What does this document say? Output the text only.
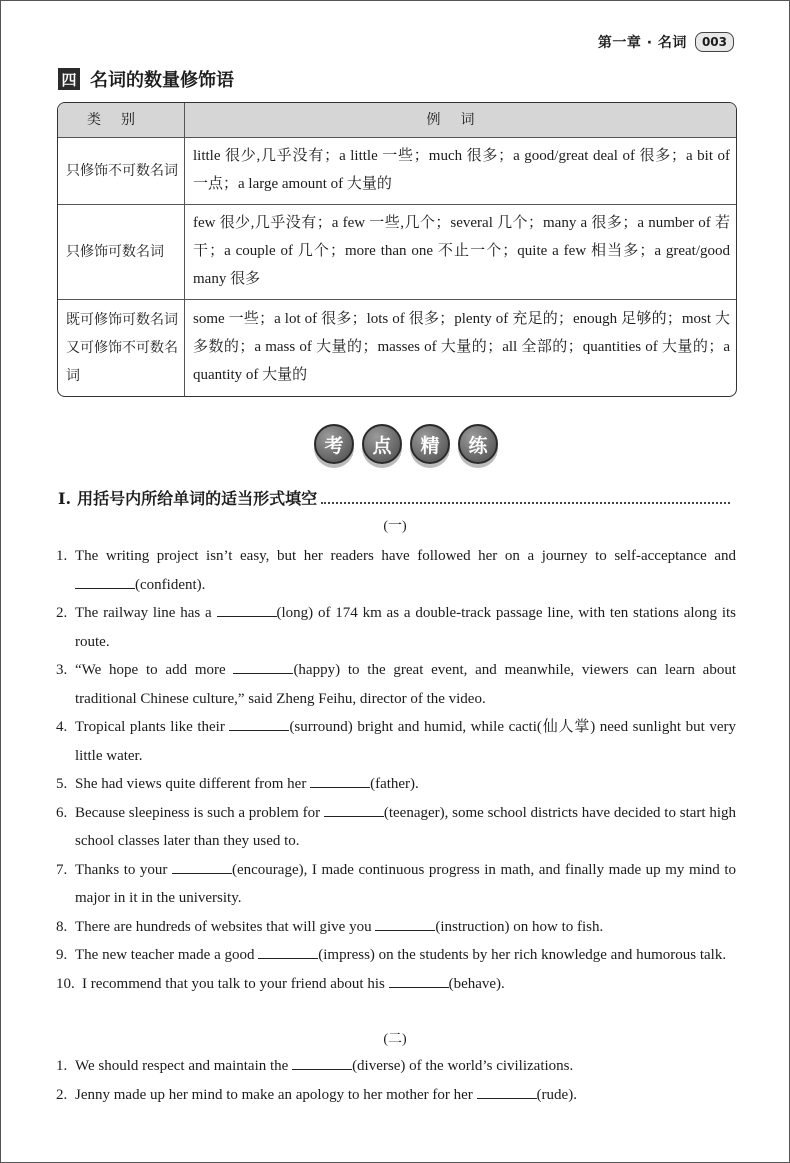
第一章 · 名词	003
四 名词的数量修饰语
类别	例词
只修饰不可数名词	little 很少,几乎没有；a little 一些；much 很多；a good/great deal of 很多；a bit of 一点；a large amount of 大量的
只修饰可数名词	few 很少,几乎没有；a few 一些,几个；several 几个；many a 很多；a number of 若干；a couple of 几个；more than one 不止一个；quite a few 相当多；a great/good many 很多
既可修饰可数名词又可修饰不可数名词	some 一些；a lot of 很多；lots of 很多；plenty of 充足的；enough 足够的；most 大多数的；a mass of 大量的；masses of 大量的；all 全部的；quantities of 大量的；a quantity of 大量的
考	点	精	练
Ⅰ. 用括号内所给单词的适当形式填空
(一)
1. The writing project isn’t easy, but her readers have followed her on a journey to self-acceptance and (confident).
2. The railway line has a	(long) of 174 km as a double-track passage line, with ten stations along its route.
3. “We hope to add more	(happy) to the great event, and meanwhile, viewers can learn about traditional Chinese culture,” said Zheng Feihu, director of the video.
4. Tropical plants like their	(surround) bright and humid, while cacti(仙人掌) need sunlight but very little water.
5. She had views quite different from her	(father).
6. Because sleepiness is such a problem for	(teenager), some school districts have decided to start high school classes later than they used to.
7. Thanks to your	(encourage), I made continuous progress in math, and finally made up my mind to major in it in the university.
8. There are hundreds of websites that will give you	(instruction) on how to fish.
9. The new teacher made a good	(impress) on the students by her rich knowledge and humorous talk.
10. I recommend that you talk to your friend about his	(behave).
(二)
1. We should respect and maintain the	(diverse) of the world’s civilizations.
2. Jenny made up her mind to make an apology to her mother for her	(rude).
